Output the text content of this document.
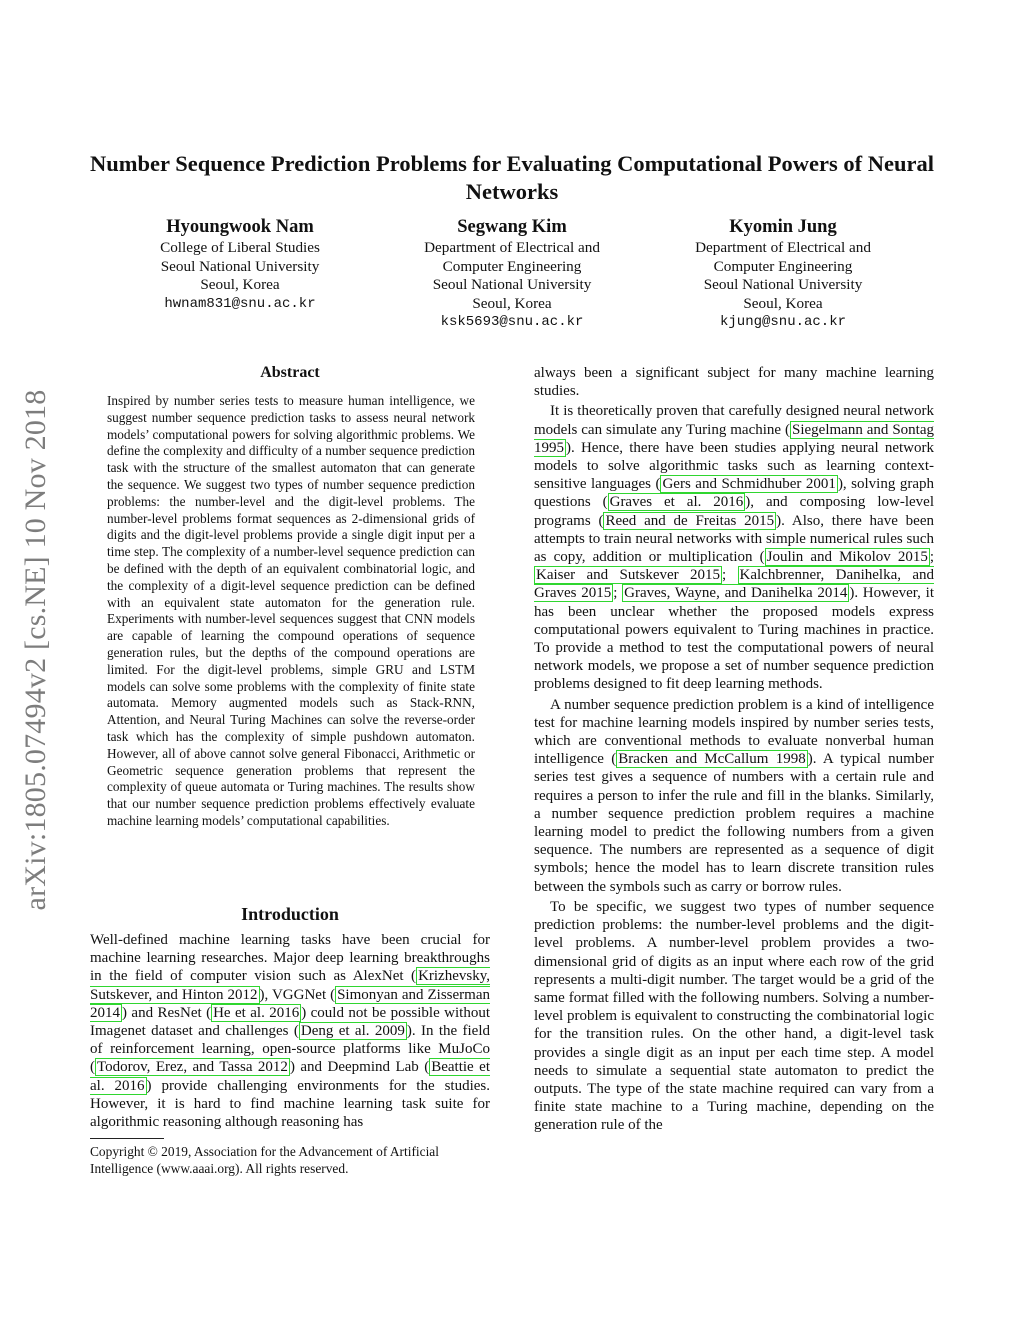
arXiv:1805.07494v2 [cs.NE] 10 Nov 2018
Number Sequence Prediction Problems for Evaluating Computational Powers of Neural Networks
Hyoungwook Nam
College of Liberal Studies
Seoul National University
Seoul, Korea
hwnam831@snu.ac.kr
Segwang Kim
Department of Electrical and
Computer Engineering
Seoul National University
Seoul, Korea
ksk5693@snu.ac.kr
Kyomin Jung
Department of Electrical and
Computer Engineering
Seoul National University
Seoul, Korea
kjung@snu.ac.kr
Abstract
Inspired by number series tests to measure human intelligence, we suggest number sequence prediction tasks to assess neural network models’ computational powers for solving algorithmic problems. We define the complexity and difficulty of a number sequence prediction task with the structure of the smallest automaton that can generate the sequence. We suggest two types of number sequence prediction problems: the number-level and the digit-level problems. The number-level problems format sequences as 2-dimensional grids of digits and the digit-level problems provide a single digit input per a time step. The complexity of a number-level sequence prediction can be defined with the depth of an equivalent combinatorial logic, and the complexity of a digit-level sequence prediction can be defined with an equivalent state automaton for the generation rule. Experiments with number-level sequences suggest that CNN models are capable of learning the compound operations of sequence generation rules, but the depths of the compound operations are limited. For the digit-level problems, simple GRU and LSTM models can solve some problems with the complexity of finite state automata. Memory augmented models such as Stack-RNN, Attention, and Neural Turing Machines can solve the reverse-order task which has the complexity of simple pushdown automaton. However, all of above cannot solve general Fibonacci, Arithmetic or Geometric sequence generation problems that represent the complexity of queue automata or Turing machines. The results show that our number sequence prediction problems effectively evaluate machine learning models’ computational capabilities.
Introduction

Well-defined machine learning tasks have been crucial for machine learning researches. Major deep learning breakthroughs in the field of computer vision such as AlexNet ( Krizhevsky, Sutskever, and Hinton 2012 ), VGGNet ( Simonyan and Zisserman 2014 ) and ResNet ( He et al. 2016 ) could not be possible without Imagenet dataset and challenges ( Deng et al. 2009 ). In the field of reinforcement learning, open-source platforms like MuJoCo ( Todorov, Erez, and Tassa 2012 ) and Deepmind Lab ( Beattie et al. 2016 ) provide challenging environments for the studies. However, it is hard to find machine learning task suite for algorithmic reasoning although reasoning has

Copyright © 2019, Association for the Advancement of Artificial Intelligence (www.aaai.org). All rights reserved.

always been a significant subject for many machine learning studies.

It is theoretically proven that carefully designed neural network models can simulate any Turing machine ( Siegelmann and Sontag 1995 ). Hence, there have been studies applying neural network models to solve algorithmic tasks such as learning context-sensitive languages ( Gers and Schmidhuber 2001 ), solving graph questions ( Graves et al. 2016 ), and composing low-level programs ( Reed and de Freitas 2015 ). Also, there have been attempts to train neural networks with simple numerical rules such as copy, addition or multiplication ( Joulin and Mikolov 2015 ; Kaiser and Sutskever 2015 ; Kalchbrenner, Danihelka, and Graves 2015 ; Graves, Wayne, and Danihelka 2014 ). However, it has been unclear whether the proposed models express computational powers equivalent to Turing machines in practice. To provide a method to test the computational powers of neural network models, we propose a set of number sequence prediction problems designed to fit deep learning methods.

A number sequence prediction problem is a kind of intelligence test for machine learning models inspired by number series tests, which are conventional methods to evaluate nonverbal human intelligence ( Bracken and McCallum 1998 ). A typical number series test gives a sequence of numbers with a certain rule and requires a person to infer the rule and fill in the blanks. Similarly, a number sequence prediction problem requires a machine learning model to predict the following numbers from a given sequence. The numbers are represented as a sequence of digit symbols; hence the model has to learn discrete transition rules between the symbols such as carry or borrow rules.

To be specific, we suggest two types of number sequence prediction problems: the number-level problems and the digit-level problems. A number-level problem provides a two-dimensional grid of digits as an input where each row of the grid represents a multi-digit number. The target would be a grid of the same format filled with the following numbers. Solving a number-level problem is equivalent to constructing the combinatorial logic for the transition rules. On the other hand, a digit-level task provides a single digit as an input per each time step. A model needs to simulate a sequential state automaton to predict the outputs. The type of the state machine required can vary from a finite state machine to a Turing machine, depending on the generation rule of the
